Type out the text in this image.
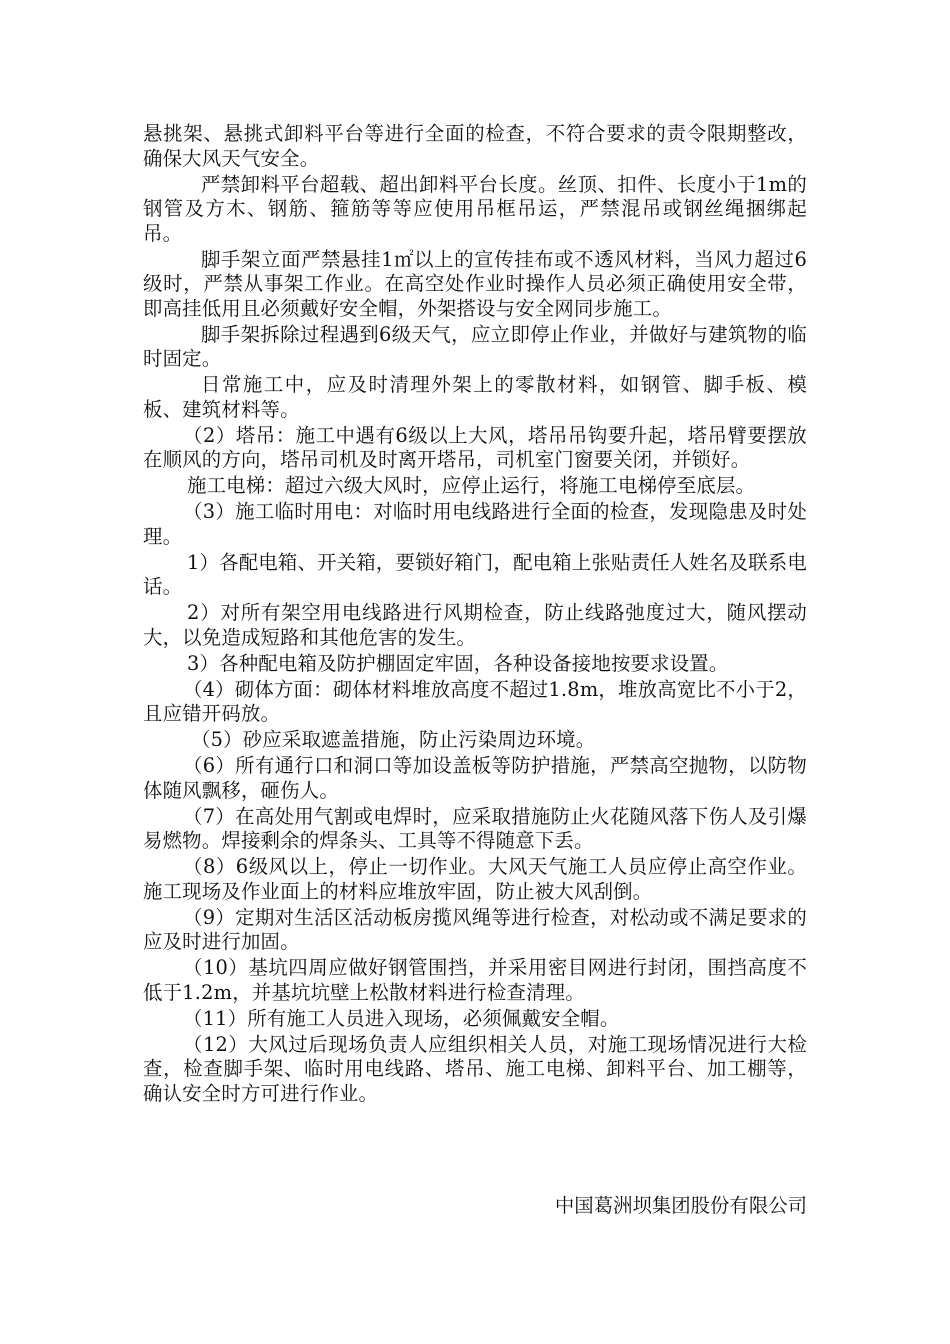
悬挑架、悬挑式卸料平台等进行全面的检查，不符合要求的责令限期整改，确保大风天气安全。

严禁卸料平台超载、超出卸料平台长度。丝顶、扣件、长度小于1m的钢管及方木、钢筋、箍筋等等应使用吊框吊运，严禁混吊或钢丝绳捆绑起吊。

脚手架立面严禁悬挂1㎡以上的宣传挂布或不透风材料，当风力超过6级时，严禁从事架工作业。在高空处作业时操作人员必须正确使用安全带，即高挂低用且必须戴好安全帽，外架搭设与安全网同步施工。

脚手架拆除过程遇到6级天气，应立即停止作业，并做好与建筑物的临时固定。

日常施工中，应及时清理外架上的零散材料，如钢管、脚手板、模板、建筑材料等。

（2）塔吊：施工中遇有6级以上大风，塔吊吊钩要升起，塔吊臂要摆放在顺风的方向，塔吊司机及时离开塔吊，司机室门窗要关闭，并锁好。

施工电梯：超过六级大风时，应停止运行，将施工电梯停至底层。

（3）施工临时用电：对临时用电线路进行全面的检查，发现隐患及时处理。

1）各配电箱、开关箱，要锁好箱门，配电箱上张贴责任人姓名及联系电话。

2）对所有架空用电线路进行风期检查，防止线路弛度过大，随风摆动大，以免造成短路和其他危害的发生。

3）各种配电箱及防护棚固定牢固，各种设备接地按要求设置。

（4）砌体方面：砌体材料堆放高度不超过1.8m，堆放高宽比不小于2，且应错开码放。

（5）砂应采取遮盖措施，防止污染周边环境。

（6）所有通行口和洞口等加设盖板等防护措施，严禁高空抛物，以防物体随风飘移，砸伤人。

（7）在高处用气割或电焊时，应采取措施防止火花随风落下伤人及引爆易燃物。焊接剩余的焊条头、工具等不得随意下丢。

（8）6级风以上，停止一切作业。大风天气施工人员应停止高空作业。施工现场及作业面上的材料应堆放牢固，防止被大风刮倒。

（9）定期对生活区活动板房揽风绳等进行检查，对松动或不满足要求的应及时进行加固。

（10）基坑四周应做好钢管围挡，并采用密目网进行封闭，围挡高度不低于1.2m，并基坑坑壁上松散材料进行检查清理。

（11）所有施工人员进入现场，必须佩戴安全帽。

（12）大风过后现场负责人应组织相关人员，对施工现场情况进行大检查，检查脚手架、临时用电线路、塔吊、施工电梯、卸料平台、加工棚等，确认安全时方可进行作业。

中国葛洲坝集团股份有限公司
